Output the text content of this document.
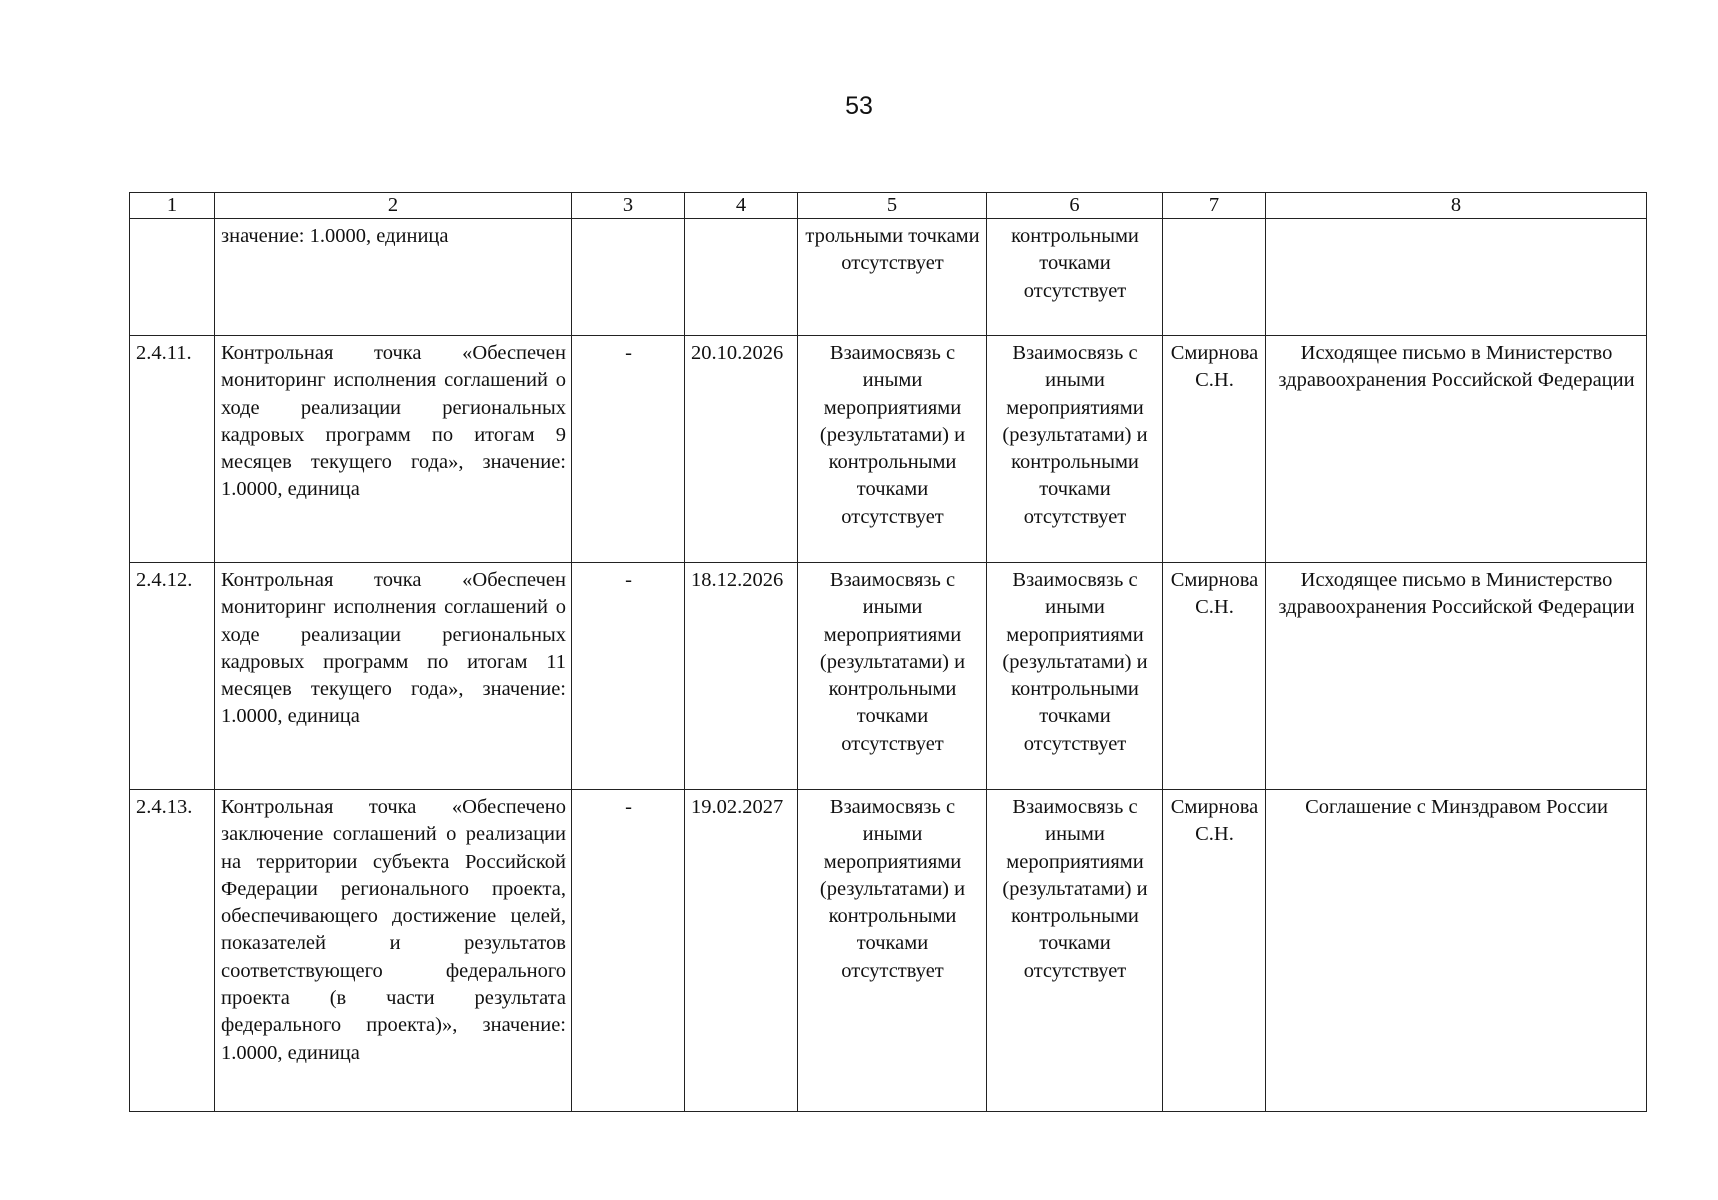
53
1	2	3	4	5	6	7	8
	значение: 1.0000, единица			трольными точками отсутствует	контрольными точками отсутствует		
2.4.11.	Контрольная точка «Обеспечен мониторинг исполнения соглашений о ходе реализации региональных кадровых программ по итогам 9 месяцев текущего года», значение: 1.0000, единица	-	20.10.2026	Взаимосвязь с иными мероприятиями (результатами) и контрольными точками отсутствует	Взаимосвязь с иными мероприятиями (результатами) и контрольными точками отсутствует	Смирнова С.Н.	Исходящее письмо в Министерство здравоохранения Российской Федерации
2.4.12.	Контрольная точка «Обеспечен мониторинг исполнения соглашений о ходе реализации региональных кадровых программ по итогам 11 месяцев текущего года», значение: 1.0000, единица	-	18.12.2026	Взаимосвязь с иными мероприятиями (результатами) и контрольными точками отсутствует	Взаимосвязь с иными мероприятиями (результатами) и контрольными точками отсутствует	Смирнова С.Н.	Исходящее письмо в Министерство здравоохранения Российской Федерации
2.4.13.	Контрольная точка «Обеспечено заключение соглашений о реализации на территории субъекта Российской Федерации регионального проекта, обеспечивающего достижение целей, показателей и результатов соответствующего федерального проекта (в части результата федерального проекта)», значение: 1.0000, единица	-	19.02.2027	Взаимосвязь с иными мероприятиями (результатами) и контрольными точками отсутствует	Взаимосвязь с иными мероприятиями (результатами) и контрольными точками отсутствует	Смирнова С.Н.	Соглашение с Минздравом России
